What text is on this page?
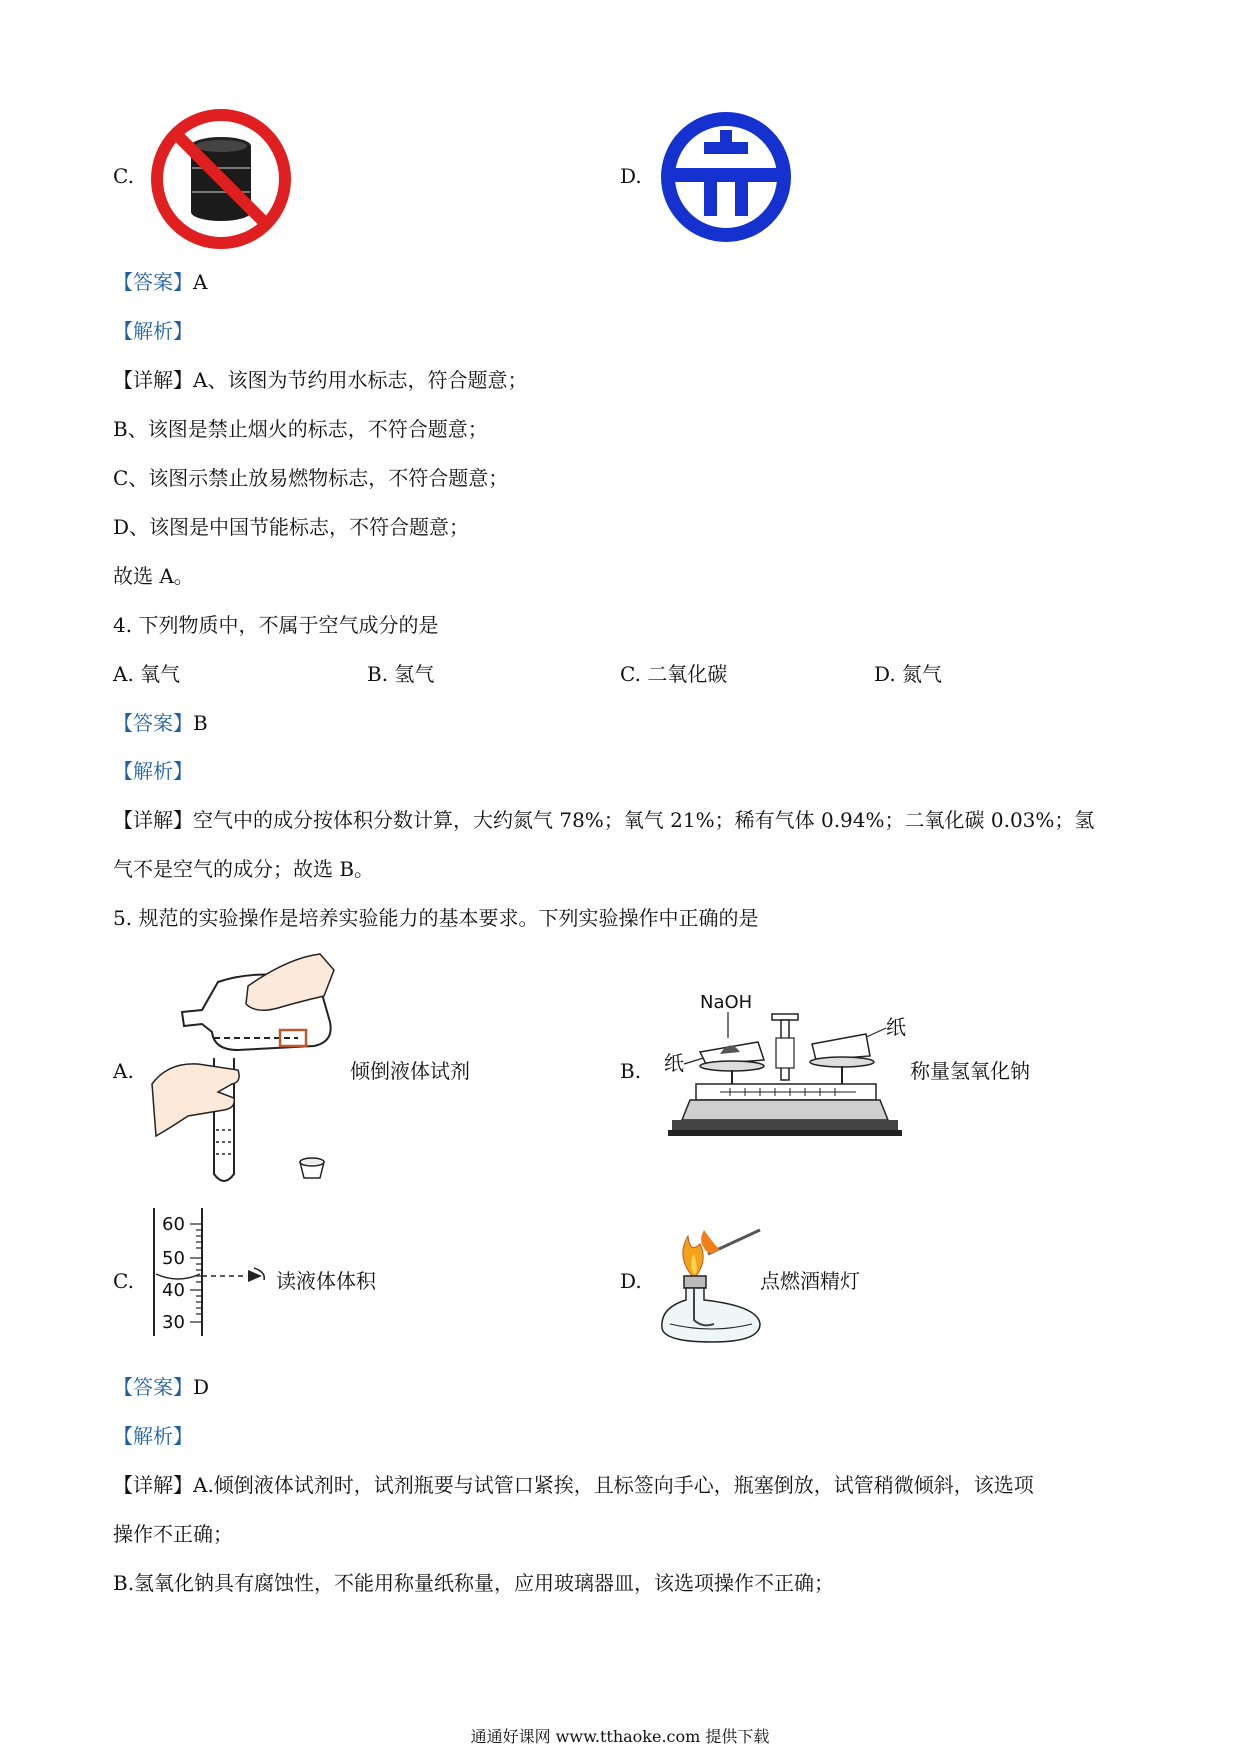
C.	D.
【答案】A
【解析】
【详解】A、该图为节约用水标志，符合题意；
B、该图是禁止烟火的标志，不符合题意；
C、该图示禁止放易燃物标志，不符合题意；
D、该图是中国节能标志，不符合题意；
故选 A。
4. 下列物质中，不属于空气成分的是
A. 氧气	B. 氢气	C. 二氧化碳	D. 氮气
【答案】B
【解析】
【详解】空气中的成分按体积分数计算，大约氮气 78%；氧气 21%；稀有气体 0.94%；二氧化碳 0.03%；氢
气不是空气的成分；故选 B。
5. 规范的实验操作是培养实验能力的基本要求。下列实验操作中正确的是
A.	倾倒液体试剂	B.
NaOH
纸
纸
称量氢氧化钠
C.
60
50
40
30
读液体体积	D.	点燃酒精灯
【答案】D
【解析】
【详解】A.倾倒液体试剂时，试剂瓶要与试管口紧挨，且标签向手心，瓶塞倒放，试管稍微倾斜，该选项
操作不正确；
B.氢氧化钠具有腐蚀性，不能用称量纸称量，应用玻璃器皿，该选项操作不正确；
通通好课网 www.tthaoke.com 提供下载
